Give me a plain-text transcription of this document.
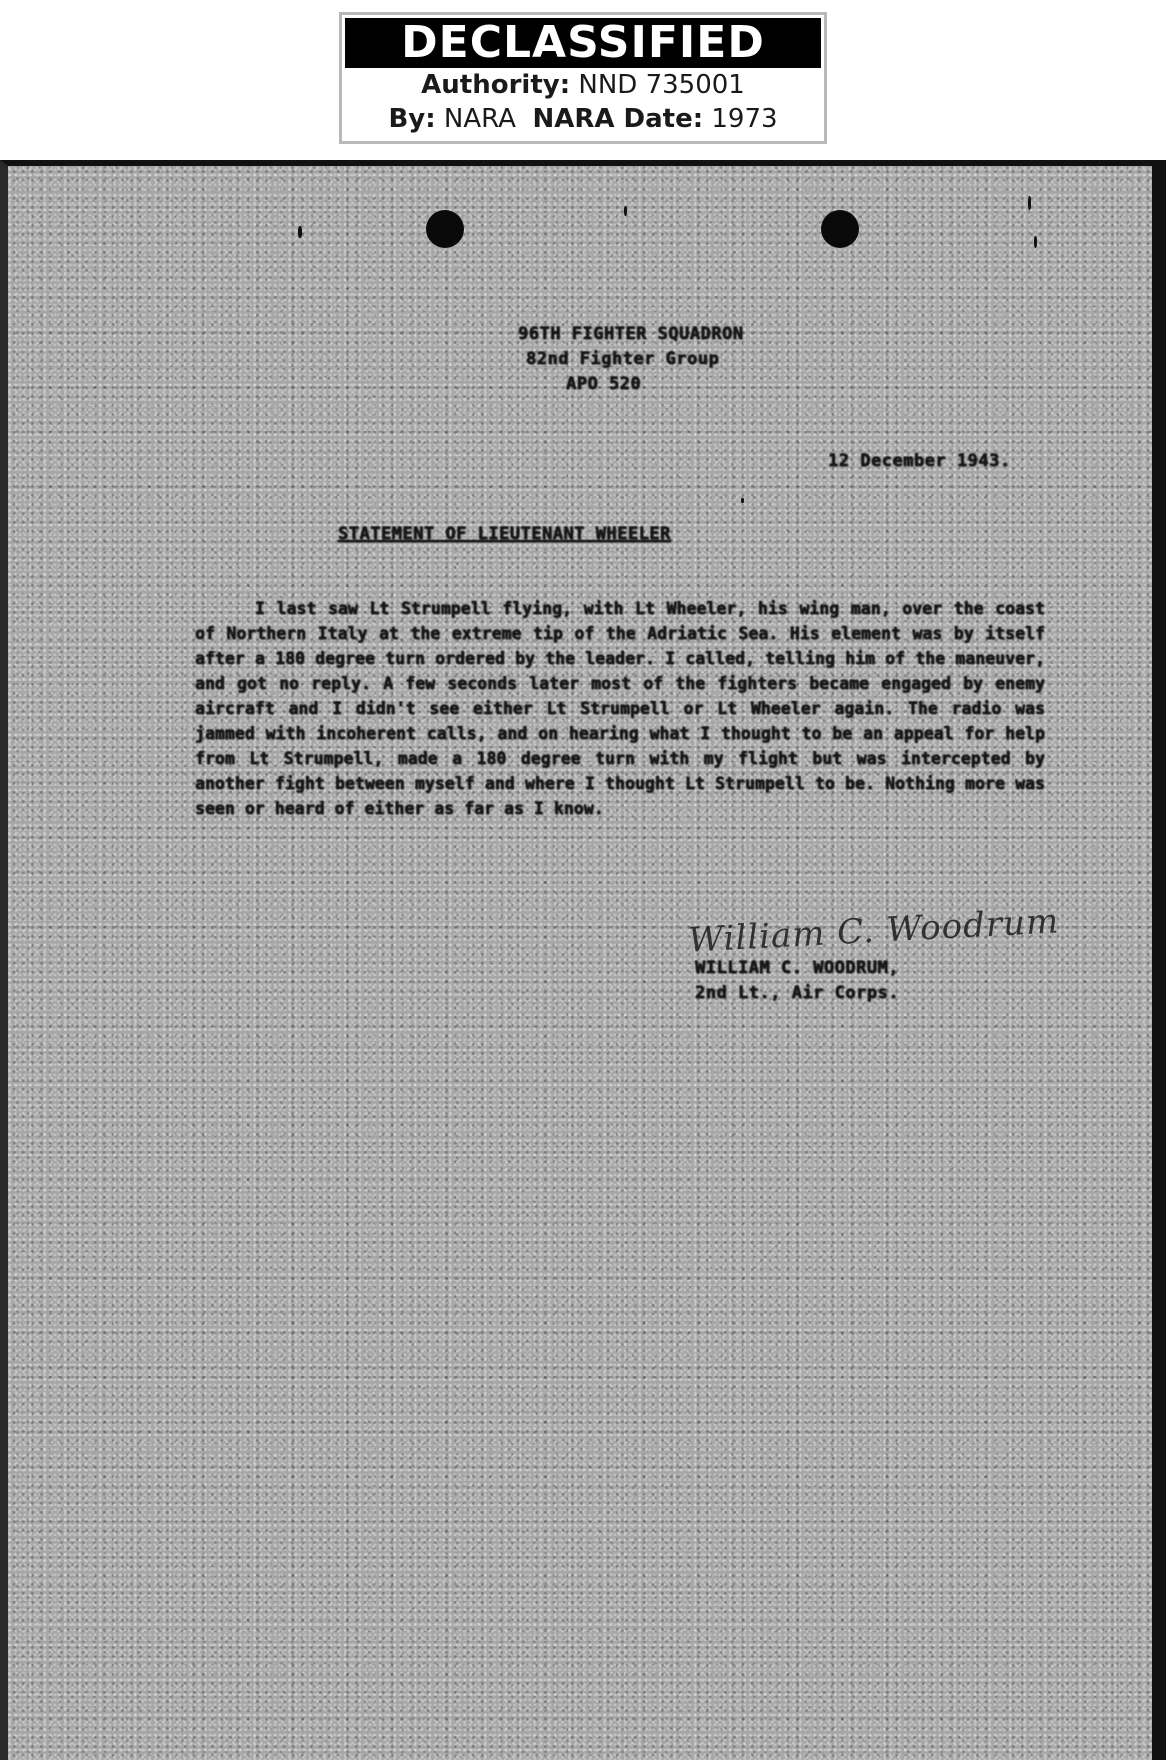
DECLASSIFIED
Authority: NND 735001
By: NARA NARA Date: 1973
96TH FIGHTER SQUADRON
82nd Fighter Group
APO 520
12 December 1943.
STATEMENT OF LIEUTENANT WHEELER

I last saw Lt Strumpell flying, with Lt Wheeler, his wing man, over the coast of Northern Italy at the extreme tip of the Adriatic Sea. His element was by itself after a 180 degree turn ordered by the leader. I called, telling him of the maneuver, and got no reply. A few seconds later most of the fighters became engaged by enemy aircraft and I didn't see either Lt Strumpell or Lt Wheeler again. The radio was jammed with incoherent calls, and on hearing what I thought to be an appeal for help from Lt Strumpell, made a 180 degree turn with my flight but was intercepted by another fight between myself and where I thought Lt Strumpell to be. Nothing more was seen or heard of either as far as I know.

William C. Woodrum
WILLIAM C. WOODRUM,
2nd Lt., Air Corps.
